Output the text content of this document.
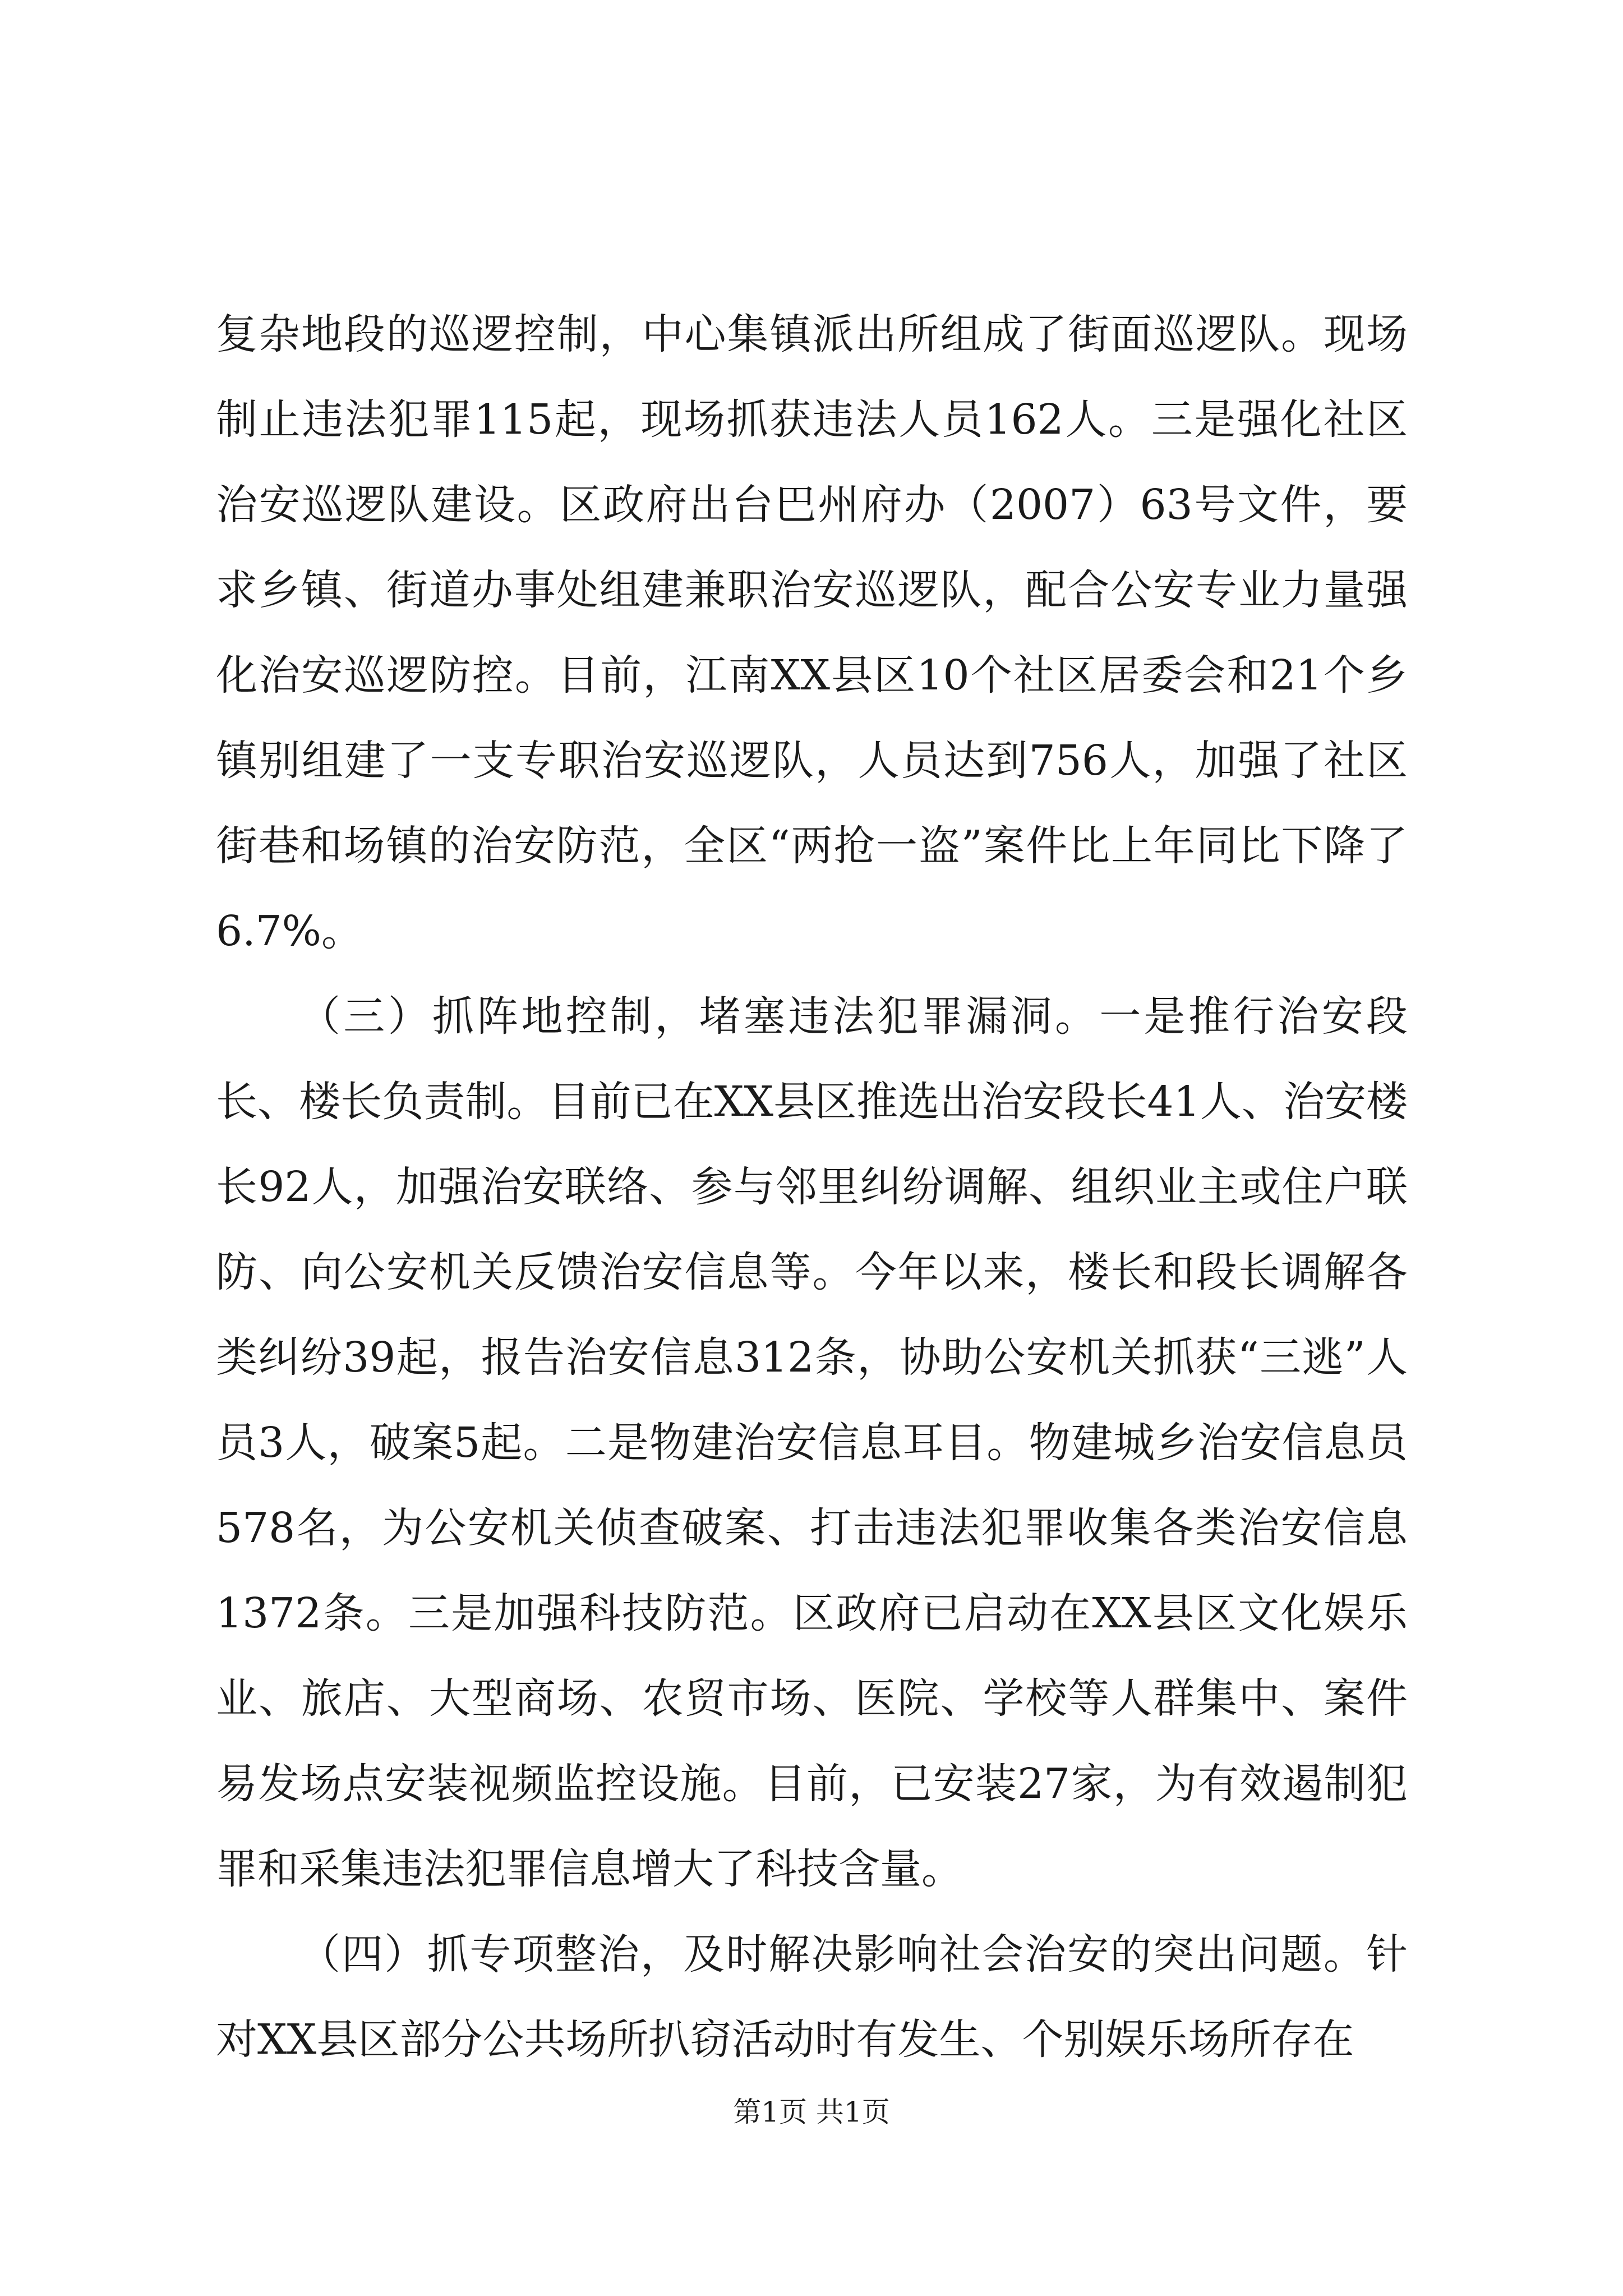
复杂地段的巡逻控制，中心集镇派出所组成了街面巡逻队。现场制止违法犯罪115起，现场抓获违法人员162人。三是强化社区治安巡逻队建设。区政府出台巴州府办（2007）63号文件，要求乡镇、街道办事处组建兼职治安巡逻队，配合公安专业力量强化治安巡逻防控。目前，江南XX县区10个社区居委会和21个乡镇别组建了一支专职治安巡逻队，人员达到756人，加强了社区街巷和场镇的治安防范，全区“两抢一盗”案件比上年同比下降了6.7%。

（三）抓阵地控制，堵塞违法犯罪漏洞。一是推行治安段长、楼长负责制。目前已在XX县区推选出治安段长41人、治安楼长92人，加强治安联络、参与邻里纠纷调解、组织业主或住户联防、向公安机关反馈治安信息等。今年以来，楼长和段长调解各类纠纷39起，报告治安信息312条，协助公安机关抓获“三逃”人员3人，破案5起。二是物建治安信息耳目。物建城乡治安信息员578名，为公安机关侦查破案、打击违法犯罪收集各类治安信息1372条。三是加强科技防范。区政府已启动在XX县区文化娱乐业、旅店、大型商场、农贸市场、医院、学校等人群集中、案件易发场点安装视频监控设施。目前，已安装27家，为有效遏制犯罪和采集违法犯罪信息增大了科技含量。

（四）抓专项整治，及时解决影响社会治安的突出问题。针对XX县区部分公共场所扒窃活动时有发生、个别娱乐场所存在

第1页 共1页
